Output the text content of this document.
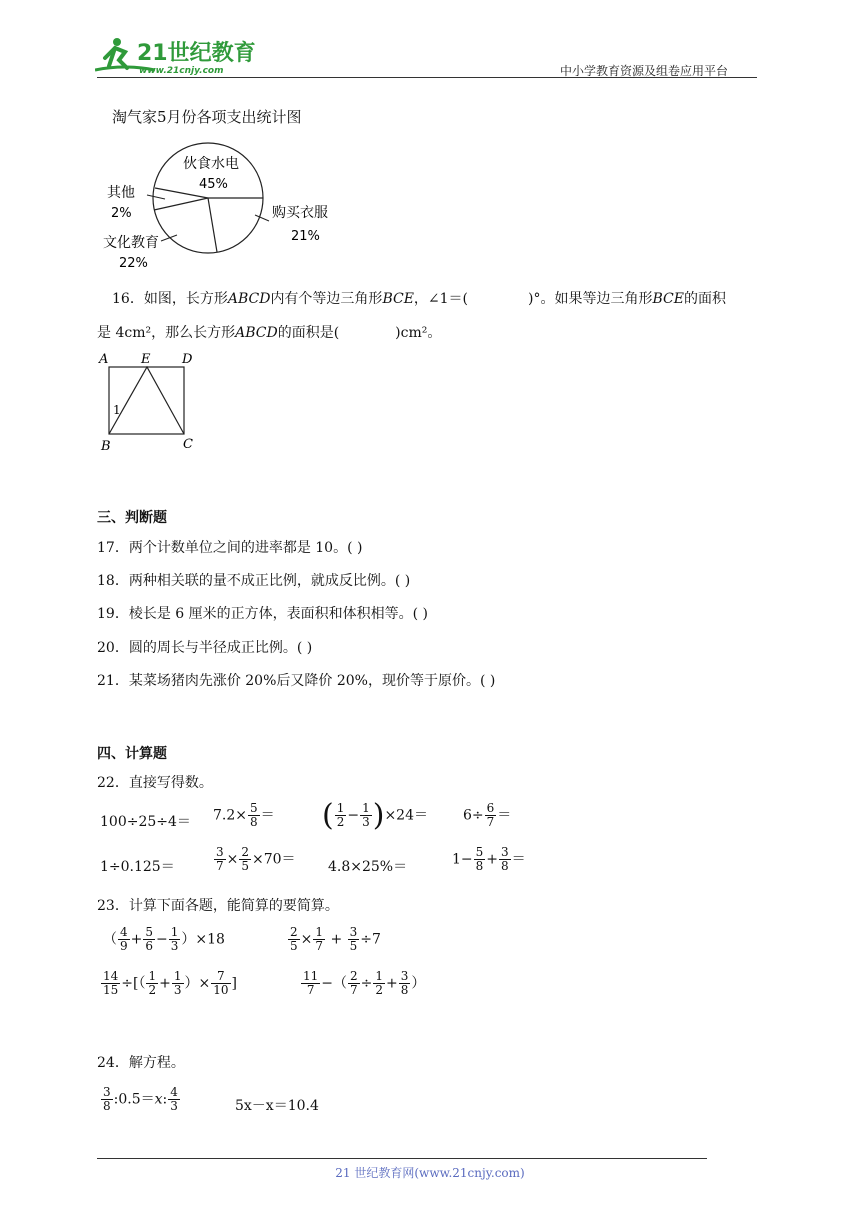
21世纪教育
www.21cnjy.com	中小学教育资源及组卷应用平台
淘气家5月份各项支出统计图
伙食水电
45%
购买衣服
21%
文化教育
22%
其他
2%
16．如图，长方形ABCD内有个等边三角形BCE，∠1＝(	)°。如果等边三角形BCE的面积
是 4cm²，那么长方形ABCD的面积是(	)cm²。
A	E D
B	C
1
三、判断题
17．两个计数单位之间的进率都是 10。( )
18．两种相关联的量不成正比例，就成反比例。( )
19．棱长是 6 厘米的正方体，表面积和体积相等。( )
20．圆的周长与半径成正比例。( )
21．某菜场猪肉先涨价 20%后又降价 20%，现价等于原价。( )
四、计算题
22．直接写得数。
$100\div 25\div 4= 7.2\times \frac{5}{8}$ ＝ ( $\frac{1}{2} - \frac{1}{3} )\times 24=$	$6\div \frac{6}{7}$ ＝
1÷0.125＝	$\frac{3}{7} \times \frac{2}{5} \times 70= 4.8\times 25\%=$	$1- \frac{5}{8} + \frac{3}{8}$ ＝
23．计算下面各题，能简算的要简算。
（ $\frac{4}{9} + \frac{5}{6} - \frac{1}{3} )\times 18$	$\frac{2}{5} \times \frac{1}{7} + \frac{3}{5} \div 7$
$\frac{14}{15}$ ÷[（ $\frac{1}{2} + \frac{1}{3}$ ）× $\frac{7}{10}$ ]	$\frac{11}{7}$ −（ $\frac{2}{7} \div \frac{1}{2} + \frac{3}{8}$ ）
24．解方程。
$\frac{3}{8}$ :0.5＝x: $\frac{4}{3}$	5x－x＝10.4
21 世纪教育网(www.21cnjy.com)
